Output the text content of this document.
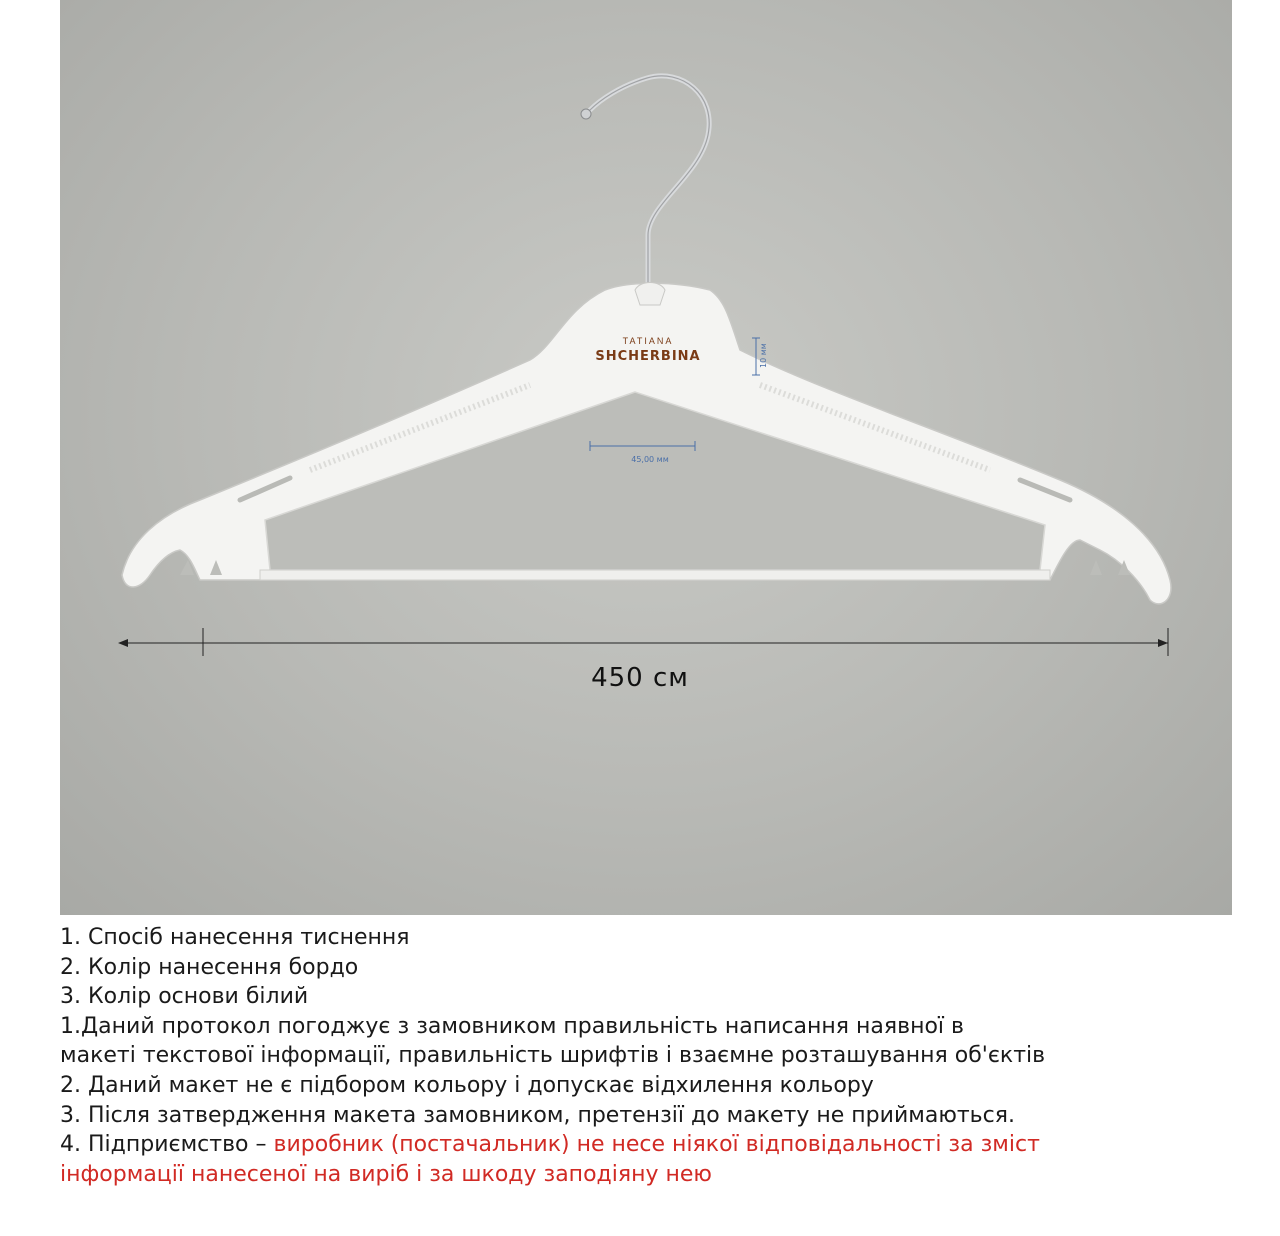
TATIANA
SHCHERBINA	10 мм
45,00 мм
450 см
1. Спосіб нанесення тиснення
2. Колір нанесення бордо
3. Колір основи білий
1.Даний протокол погоджує з замовником правильність написання наявної в
макеті текстової інформації, правильність шрифтів і взаємне розташування об'єктів
2. Даний макет не є підбором кольору і допускає відхилення кольору
3. Після затвердження макета замовником, претензії до макету не приймаються.
4. Підприємство – виробник (постачальник) не несе ніякої відповідальності за зміст
інформації нанесеної на виріб і за шкоду заподіяну нею
